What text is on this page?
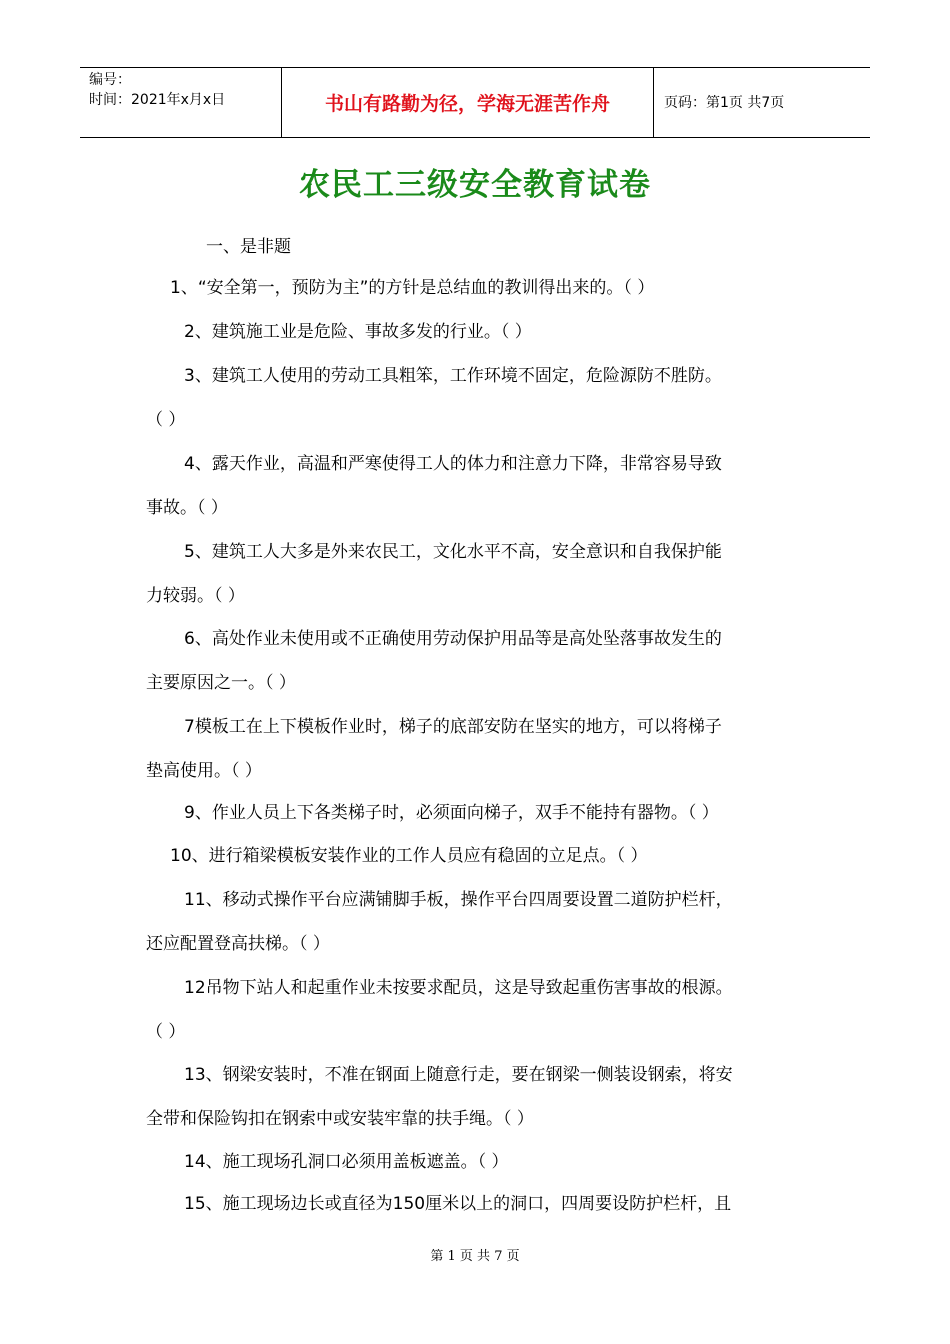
编号：
时间：2021年x月x日	书山有路勤为径，学海无涯苦作舟	页码：第1页 共7页
农民工三级安全教育试卷
一、是非题
1、“安全第一，预防为主”的方针是总结血的教训得出来的。（ ）
2、建筑施工业是危险、事故多发的行业。（ ）
3、建筑工人使用的劳动工具粗笨，工作环境不固定，危险源防不胜防。
（ ）
4、露天作业，高温和严寒使得工人的体力和注意力下降，非常容易导致
事故。（ ）
5、建筑工人大多是外来农民工，文化水平不高，安全意识和自我保护能
力较弱。（ ）
6、高处作业未使用或不正确使用劳动保护用品等是高处坠落事故发生的
主要原因之一。（ ）
7模板工在上下模板作业时，梯子的底部安防在坚实的地方，可以将梯子
垫高使用。（ ）
9、作业人员上下各类梯子时，必须面向梯子，双手不能持有器物。（ ）
10、进行箱梁模板安装作业的工作人员应有稳固的立足点。（ ）
11、移动式操作平台应满铺脚手板，操作平台四周要设置二道防护栏杆，
还应配置登高扶梯。（ ）
12吊物下站人和起重作业未按要求配员，这是导致起重伤害事故的根源。
（ ）
13、钢梁安装时，不准在钢面上随意行走，要在钢梁一侧装设钢索，将安
全带和保险钩扣在钢索中或安装牢靠的扶手绳。（ ）
14、施工现场孔洞口必须用盖板遮盖。（ ）
15、施工现场边长或直径为150厘米以上的洞口，四周要设防护栏杆，且
第 1 页 共 7 页
